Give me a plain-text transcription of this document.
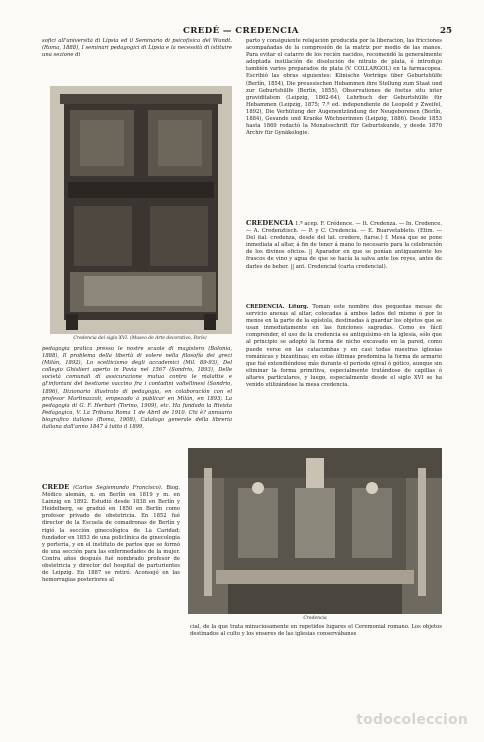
CREDÉ — CREDENCIA	25

sofici all'università di Lipsia ed il Seminario di psicofísica del Wundt. (Roma, 1888), I seminari pedagogici di Lipsia e la necessità di istituire una sezione di

Credencia del siglo XVI. (Museo de Arte decorativo, París)

pedagogia pratica presso le nostre scuole di magistero (Bolonia, 1888), Il problema della libertà di volere nella filosofía dei greci (Milán, 1892), Lo scetticismo degli accademici (Mil. 89-93), Del collegio Ghislieri aperto in Pavia nel 1567 (Sondrio, 1893), Delle società comunali di assicurazione mutua contro le malattie e gl'infortuni del bestiame vaccino fra i contadini valtellinesi (Sondrio, 1896), Dizionario illustrato di pedagogia, en colaboración con el profesor Martinazzoli, empezado á publicar en Milán, en 1893; La pedagogia di G. F. Herbart (Torino, 1909), etc. Ha fundado la Rivista Pedagogica, V. La Tribuna Roma 1 de Abril de 1910. Chi è? annuario biografico italiano (Roma, 1908), Catalogo generale della libreria italiana dall'anno 1847 á tutto il 1899.

CREDE (Carlos Segismundo Francisco). Biog. Médico alemán, n. en Berlín en 1819 y m. en Lainzig en 1892. Estudió desde 1838 en Berlín y Heidelberg, se graduó en 1850 en Berlín como profesor privado de obstetricia. En 1852 fué director de la Escuela de comadronas de Berlín y rigió la sección ginecológica de La Caridad; fundador en 1853 de una policlínica de ginecología y portería, y en el instituto de partos que se formó de una sección para las enfermedades de la mujer. Contra años después fué nombrado profesor de obstetricia y director del hospital de parturientes de Leipzig. En 1887 se retiró. Aconsejó en las hemorragias posteriores al

parto y consiguiente relajación producida por la liberación, las fricciones acompañadas de la compresión de la matriz por medio de las manos. Para evitar el catarro de los recién nacidos, recomendó la generalmente adoptada instilación de disolución de nitrato de plata, é introdujo también varios preparados de plata (V. COLLARGOL) en la farmacopea. Escribió las obras siguientes: Klinische Vorträge über Geburtshülfe (Berlín, 1854), Die preussischen Hebammen ihre Stellung zum Staat und zur Geburtshülfe (Berlín, 1855), Observationes de foetus situ inter graviditatem (Leipzig, 1862-64), Lehrbuch der Geburtshülfe für Hebammen (Leipzig, 1875; 7.ª ed. independiente de Leopold y Zweifel, 1892), Die Verhütung der Augenentzündung der Neugeborenen (Berlín, 1884), Gesunde und Kranke Wöchnerinnen (Leipzig, 1886). Desde 1853 hasta 1869 redactó la Monatsschrift für Geburtskunde, y desde 1870 Archiv für Gynäkologie.

CREDENCIA 1.ª acep. F. Crédence. — It. Credenza. — In. Credence. — A. Credenztisch. — P. y C. Credencia. — E. Buarvetableto. (Etim. — Del ital. credenza, desde del lat. credere, fiarse.) f. Mesa que se pone inmediata al altar, á fin de tener á mano lo necesario para la celebración de los divinos oficios. || Aparador en que se ponían antiguamente los frascos de vino y agua de que se hacía la salva ante los reyes, antes de darles de beber. || ant. Credencial (carta credencial).

CREDENCIA. Liturg. Toman este nombre dos pequeñas mesas de servicio anexas al altar, colocadas á ambos lados del mismo ó por lo menos en la parte de la epístola, destinadas á guardar los objetos que se usan inmediatamente en las funciones sagradas. Como es fácil comprender, el uso de la credencia es antiquísimo en la iglesia, sólo que al principio se adoptó la forma de nicho excavado en la pared, como puede verse en las catacumbas y en casi todas nuestras iglesias románicas y bizantinas; en estas últimas predomina la forma de armario que fué extendiéndose más durante el período ojival ó gótico, aunque sin eliminar la forma primitiva, especialmente tratándose de capillas ó altares particulares, y luego, especialmente desde el siglo XVI se ha venido utilizándose la mesa credencia.

Credencia

cial, de la que trata minuciosamente en repetidos lugares el Ceremonial romano. Los objetos destinados al culto y los enseres de las iglesias conservábanse

todocoleccion
